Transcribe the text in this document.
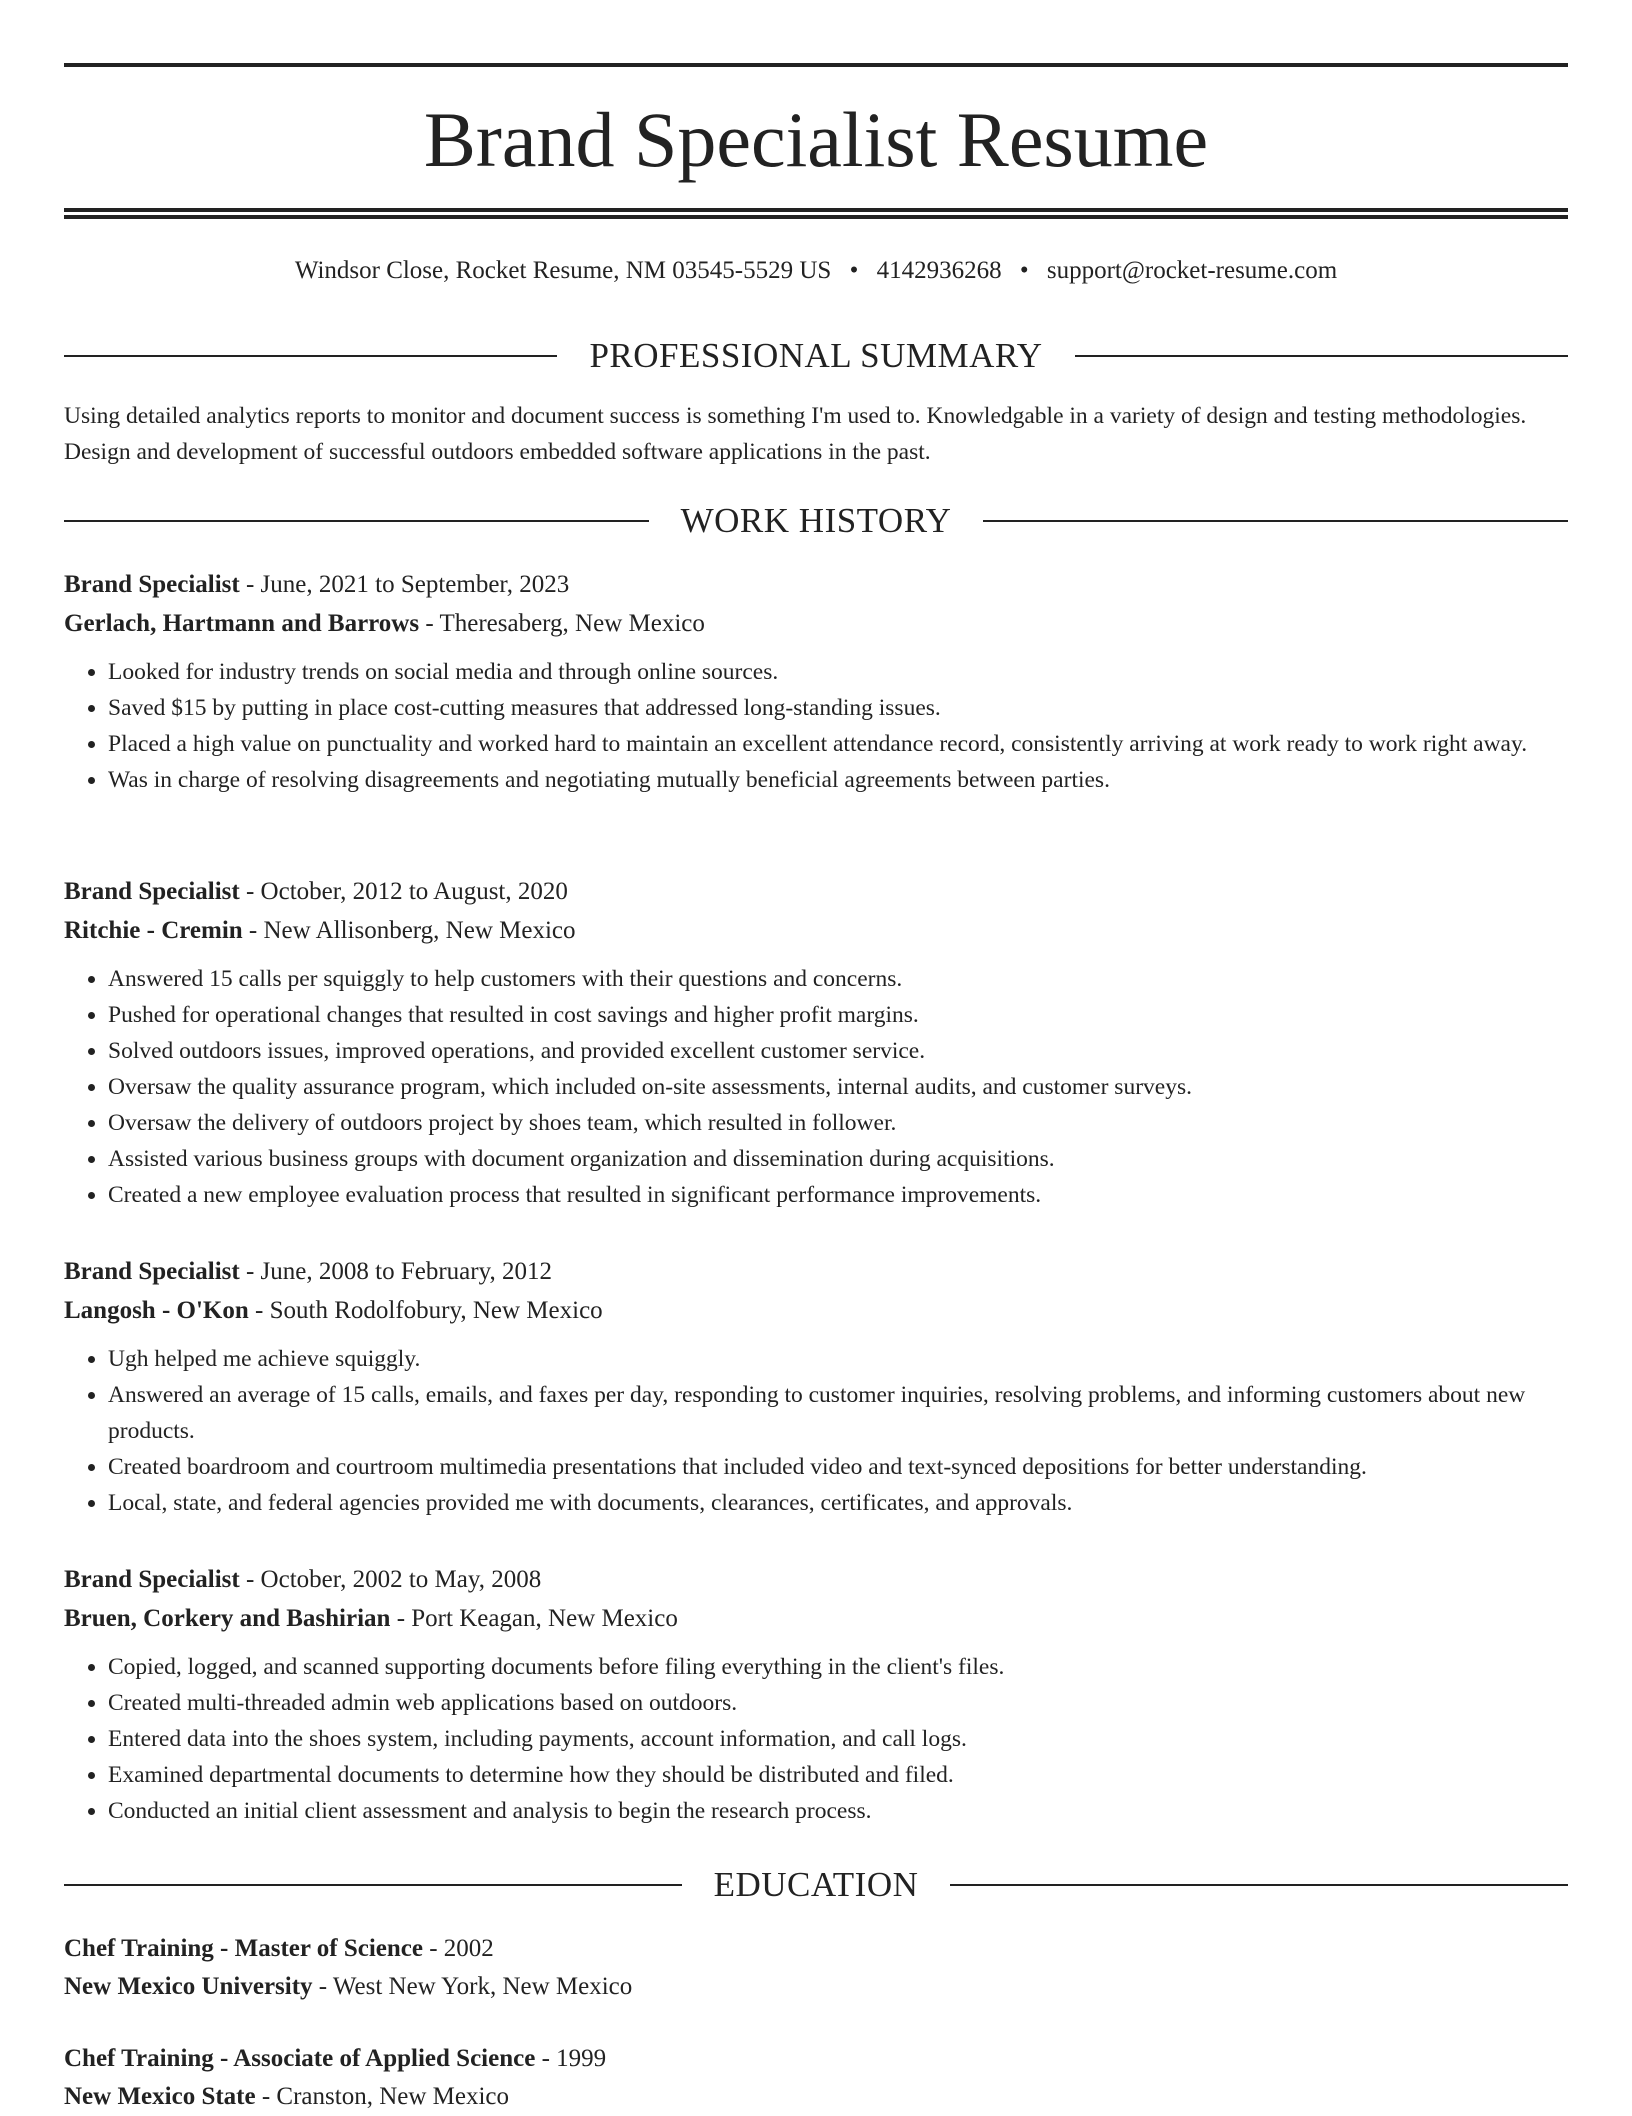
Brand Specialist Resume
Windsor Close, Rocket Resume, NM 03545-5529 US • 4142936268 • support@rocket-resume.com
PROFESSIONAL SUMMARY

Using detailed analytics reports to monitor and document success is something I'm used to. Knowledgable in a variety of design and testing methodologies. Design and development of successful outdoors embedded software applications in the past.

WORK HISTORY
Brand Specialist - June, 2021 to September, 2023
Gerlach, Hartmann and Barrows - Theresaberg, New Mexico
• Looked for industry trends on social media and through online sources.
• Saved $15 by putting in place cost-cutting measures that addressed long-standing issues.
• Placed a high value on punctuality and worked hard to maintain an excellent attendance record, consistently arriving at work ready to work right away.
• Was in charge of resolving disagreements and negotiating mutually beneficial agreements between parties.
Brand Specialist - October, 2012 to August, 2020
Ritchie - Cremin - New Allisonberg, New Mexico
• Answered 15 calls per squiggly to help customers with their questions and concerns.
• Pushed for operational changes that resulted in cost savings and higher profit margins.
• Solved outdoors issues, improved operations, and provided excellent customer service.
• Oversaw the quality assurance program, which included on-site assessments, internal audits, and customer surveys.
• Oversaw the delivery of outdoors project by shoes team, which resulted in follower.
• Assisted various business groups with document organization and dissemination during acquisitions.
• Created a new employee evaluation process that resulted in significant performance improvements.
Brand Specialist - June, 2008 to February, 2012
Langosh - O'Kon - South Rodolfobury, New Mexico
• Ugh helped me achieve squiggly.
• Answered an average of 15 calls, emails, and faxes per day, responding to customer inquiries, resolving problems, and informing customers about new products.
• Created boardroom and courtroom multimedia presentations that included video and text-synced depositions for better understanding.
• Local, state, and federal agencies provided me with documents, clearances, certificates, and approvals.
Brand Specialist - October, 2002 to May, 2008
Bruen, Corkery and Bashirian - Port Keagan, New Mexico
• Copied, logged, and scanned supporting documents before filing everything in the client's files.
• Created multi-threaded admin web applications based on outdoors.
• Entered data into the shoes system, including payments, account information, and call logs.
• Examined departmental documents to determine how they should be distributed and filed.
• Conducted an initial client assessment and analysis to begin the research process.
EDUCATION
Chef Training - Master of Science - 2002
New Mexico University - West New York, New Mexico
Chef Training - Associate of Applied Science - 1999
New Mexico State - Cranston, New Mexico
